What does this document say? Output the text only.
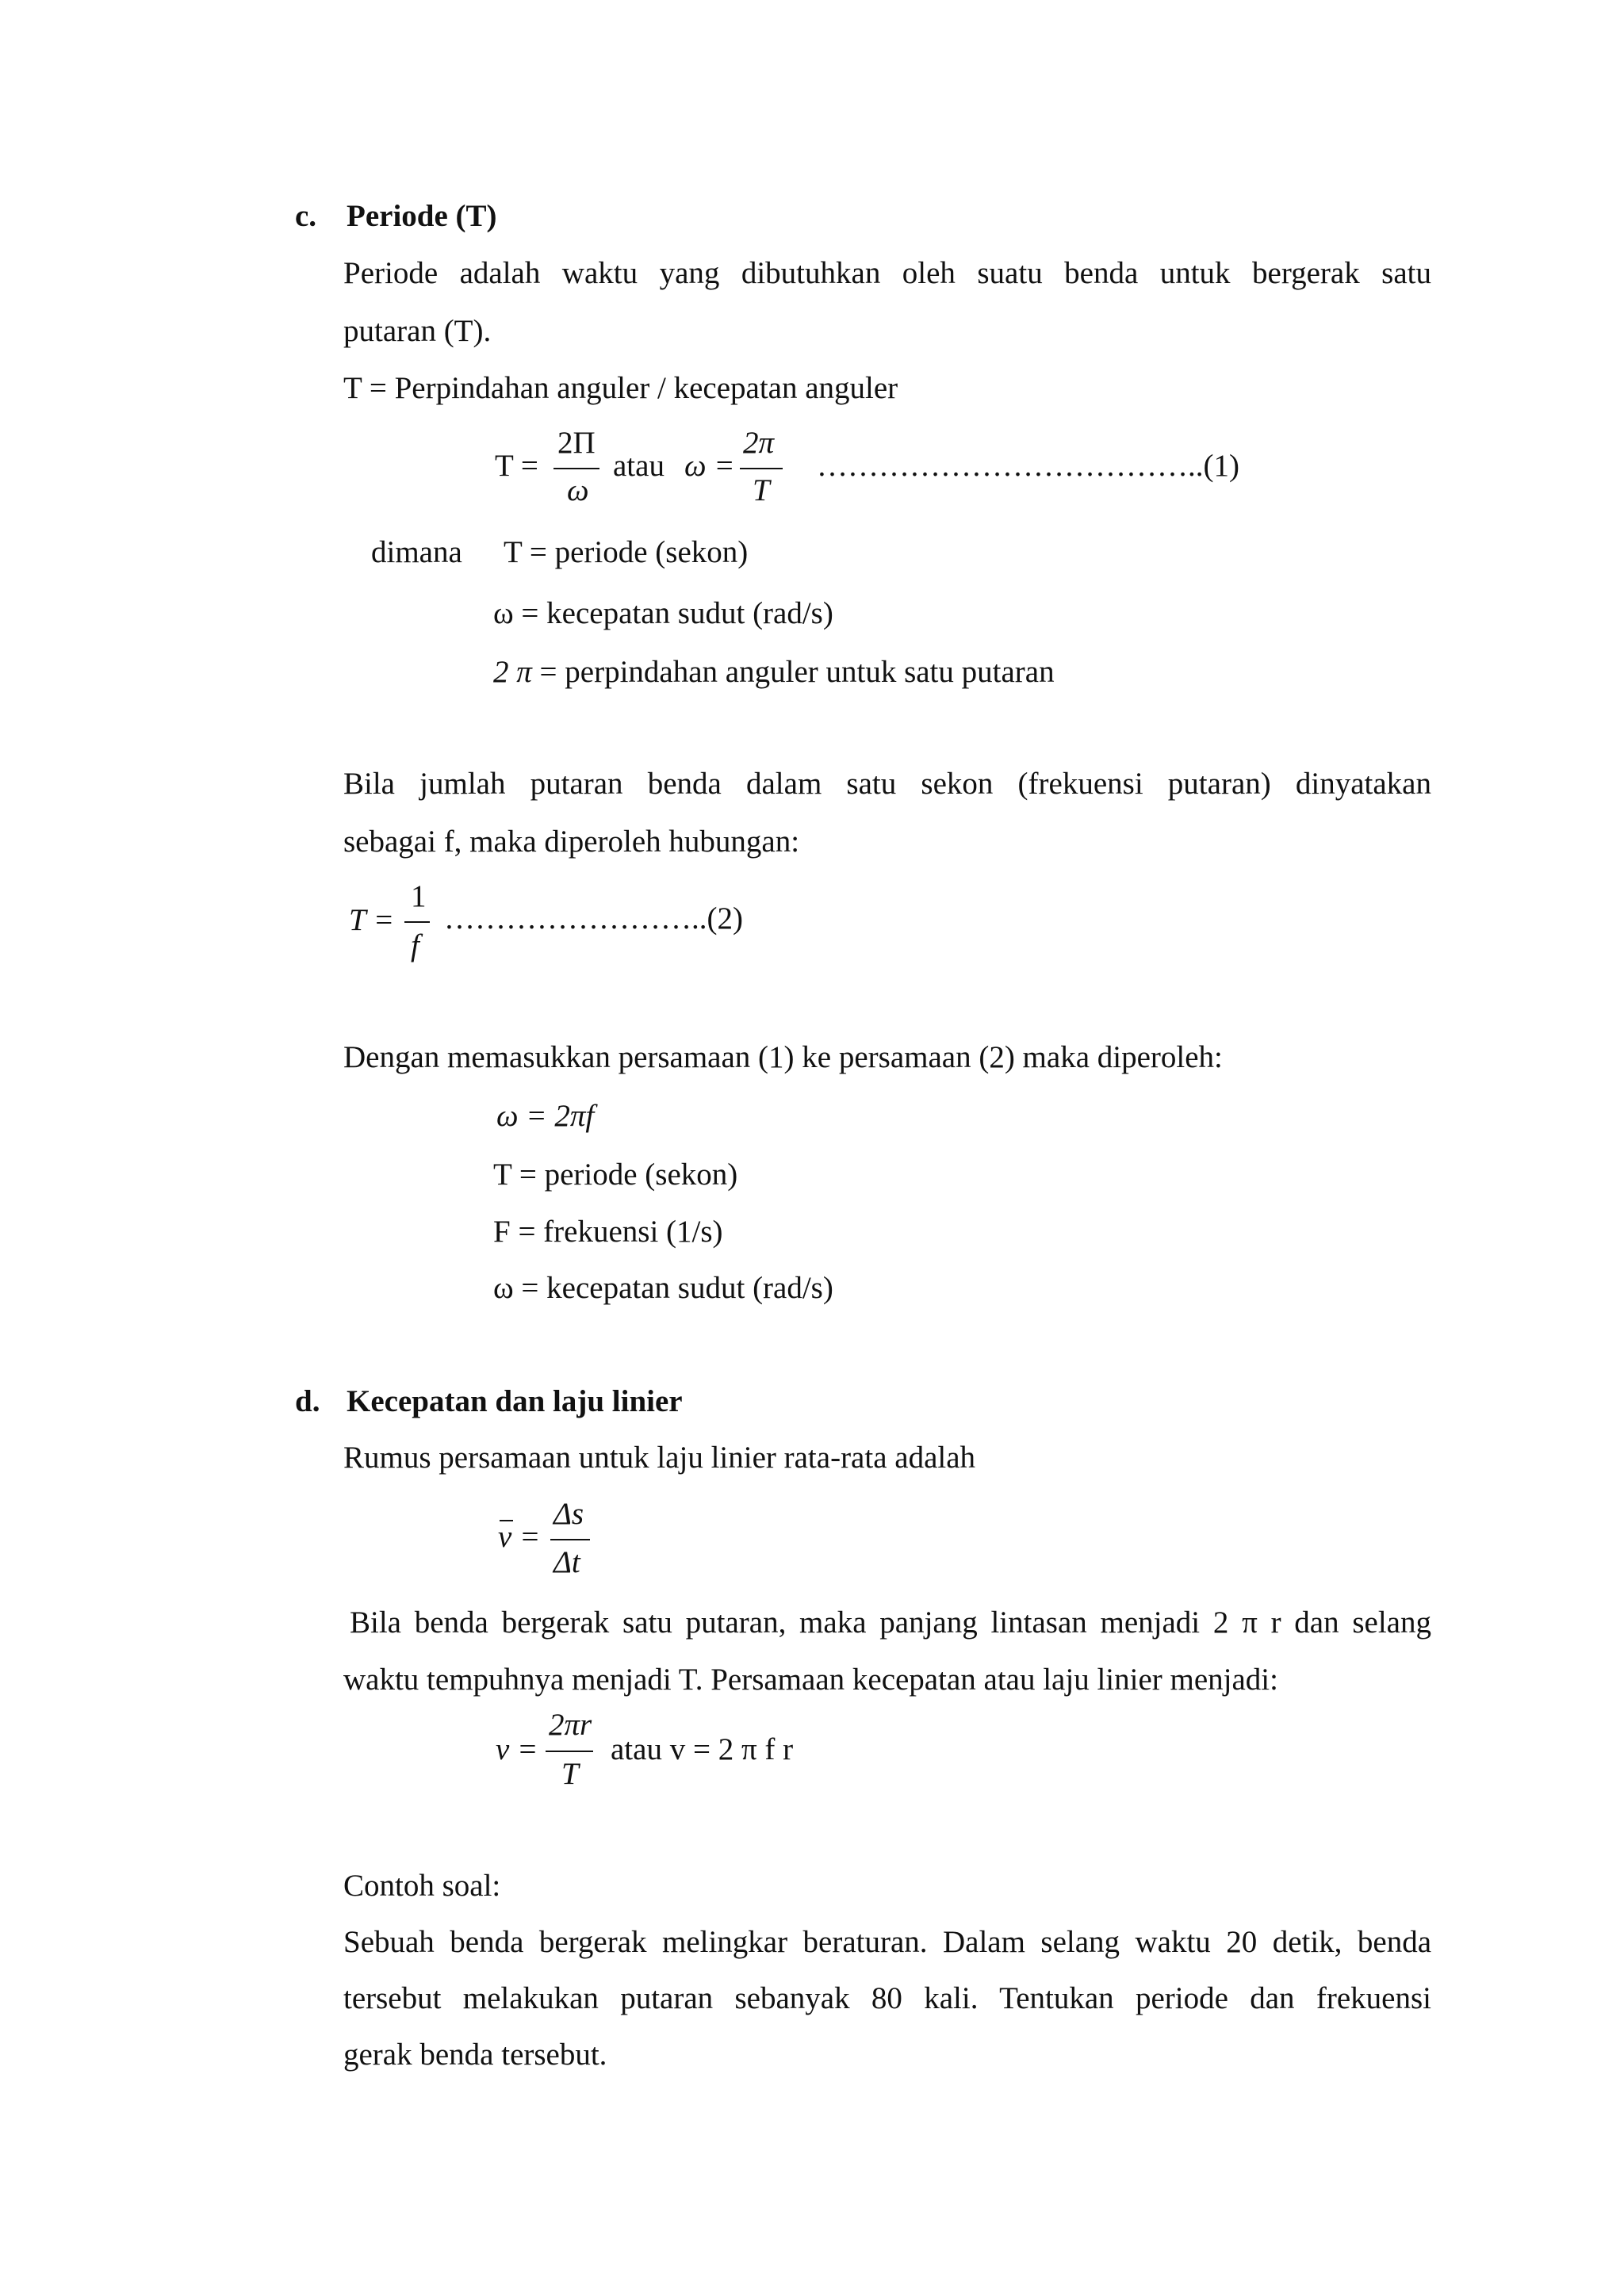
c. Periode (T)
Periode adalah waktu yang dibutuhkan oleh suatu benda untuk bergerak satu
putaran (T).
T = Perpindahan anguler / kecepatan anguler
T =
2Π
ω
atau ω =
2π
T
………………………………..(1)
dimana T = periode (sekon)
ω = kecepatan sudut (rad/s)
2 π = perpindahan anguler untuk satu putaran
Bila jumlah putaran benda dalam satu sekon (frekuensi putaran) dinyatakan
sebagai f, maka diperoleh hubungan:
T =
1
f
……………………..(2)
Dengan memasukkan persamaan (1) ke persamaan (2) maka diperoleh:
ω = 2πf
T = periode (sekon)
F = frekuensi (1/s)
ω = kecepatan sudut (rad/s)
d. Kecepatan dan laju linier
Rumus persamaan untuk laju linier rata-rata adalah
v =
Δs
Δt
Bila benda bergerak satu putaran, maka panjang lintasan menjadi 2 π r dan selang
waktu tempuhnya menjadi T. Persamaan kecepatan atau laju linier menjadi:
v =
2πr
T
atau v = 2 π f r
Contoh soal:
Sebuah benda bergerak melingkar beraturan. Dalam selang waktu 20 detik, benda
tersebut melakukan putaran sebanyak 80 kali. Tentukan periode dan frekuensi
gerak benda tersebut.
